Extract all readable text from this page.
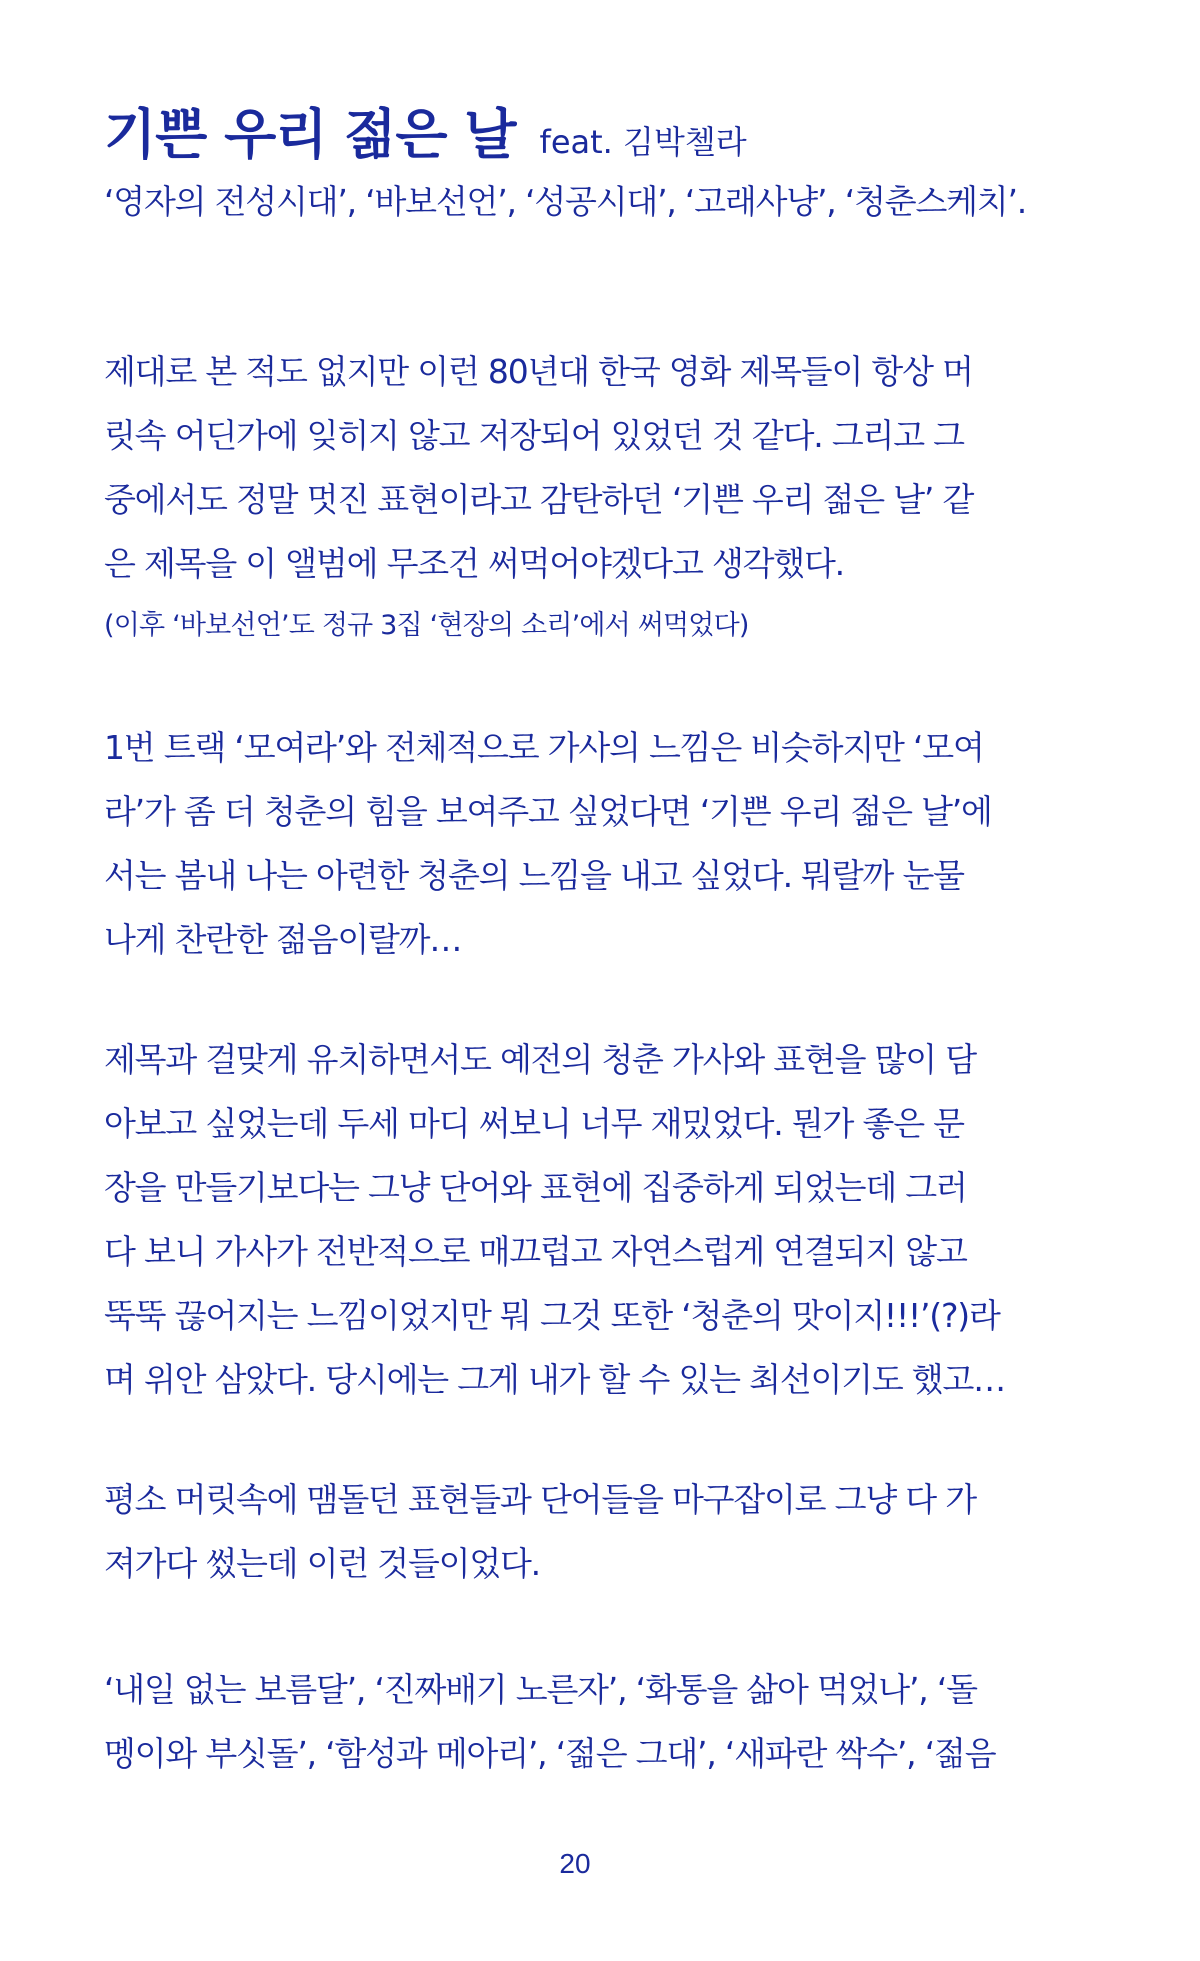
기쁜 우리 젊은 날 feat. 김박첼라
‘영자의 전성시대’, ‘바보선언’, ‘성공시대’, ‘고래사냥’, ‘청춘스케치’.
제대로 본 적도 없지만 이런 80년대 한국 영화 제목들이 항상 머
릿속 어딘가에 잊히지 않고 저장되어 있었던 것 같다. 그리고 그
중에서도 정말 멋진 표현이라고 감탄하던 ‘기쁜 우리 젊은 날’ 같
은 제목을 이 앨범에 무조건 써먹어야겠다고 생각했다.
(이후 ‘바보선언’도 정규 3집 ‘현장의 소리’에서 써먹었다)
1번 트랙 ‘모여라’와 전체적으로 가사의 느낌은 비슷하지만 ‘모여
라’가 좀 더 청춘의 힘을 보여주고 싶었다면 ‘기쁜 우리 젊은 날’에
서는 봄내 나는 아련한 청춘의 느낌을 내고 싶었다. 뭐랄까 눈물
나게 찬란한 젊음이랄까…
제목과 걸맞게 유치하면서도 예전의 청춘 가사와 표현을 많이 담
아보고 싶었는데 두세 마디 써보니 너무 재밌었다. 뭔가 좋은 문
장을 만들기보다는 그냥 단어와 표현에 집중하게 되었는데 그러
다 보니 가사가 전반적으로 매끄럽고 자연스럽게 연결되지 않고
뚝뚝 끊어지는 느낌이었지만 뭐 그것 또한 ‘청춘의 맛이지!!!’(?)라
며 위안 삼았다. 당시에는 그게 내가 할 수 있는 최선이기도 했고…
평소 머릿속에 맴돌던 표현들과 단어들을 마구잡이로 그냥 다 가
져가다 썼는데 이런 것들이었다.
‘내일 없는 보름달’, ‘진짜배기 노른자’, ‘화통을 삶아 먹었나’, ‘돌
멩이와 부싯돌’, ‘함성과 메아리’, ‘젊은 그대’, ‘새파란 싹수’, ‘젊음
20
